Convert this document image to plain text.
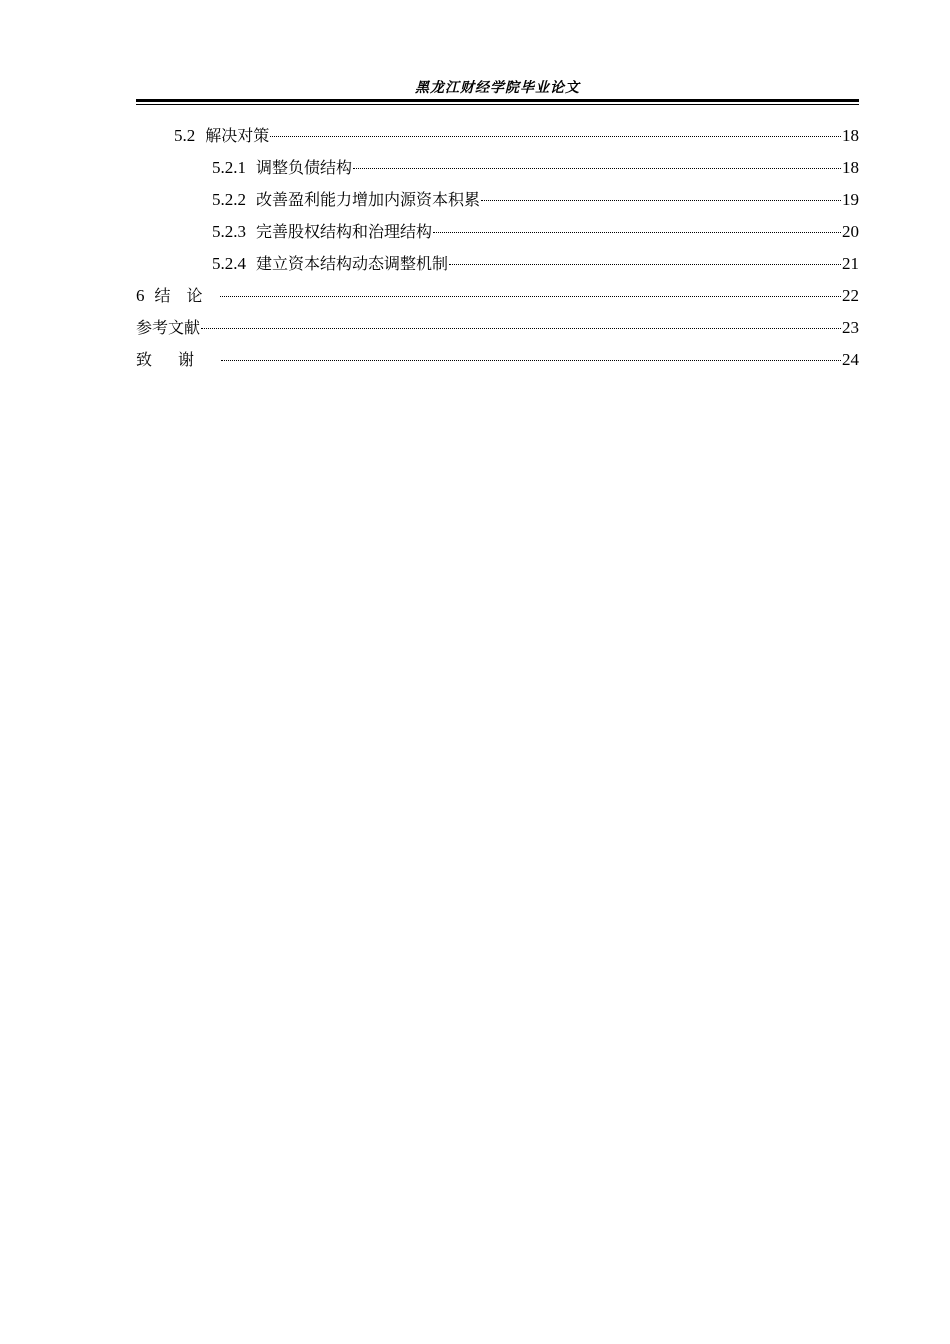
黑龙江财经学院毕业论文
5.2 解决对策	18
5.2.1 调整负债结构	18
5.2.2 改善盈利能力增加内源资本积累	19
5.2.3 完善股权结构和治理结构	20
5.2.4 建立资本结构动态调整机制	21
6 结论	22
参考文献	23
致谢	24
